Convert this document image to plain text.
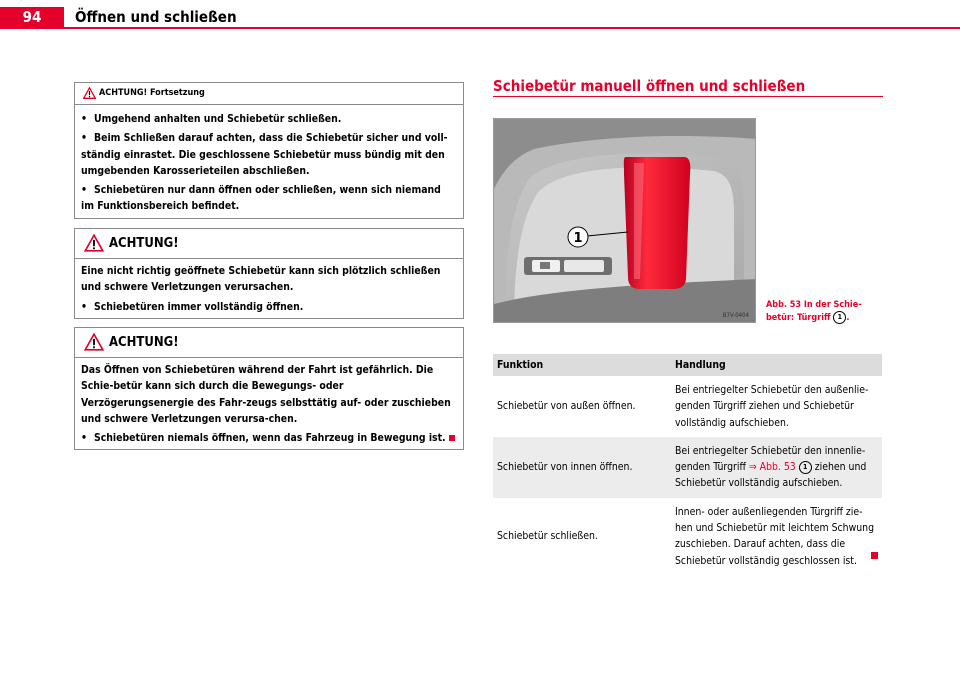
94	Öffnen und schließen
ACHTUNG! Fortsetzung
• Umgehend anhalten und Schiebetür schließen.
• Beim Schließen darauf achten, dass die Schiebetür sicher und voll-ständig einrastet. Die geschlossene Schiebetür muss bündig mit den umgebenden Karosserieteilen abschließen.
• Schiebetüren nur dann öffnen oder schließen, wenn sich niemand im Funktionsbereich befindet.
ACHTUNG!

Eine nicht richtig geöffnete Schiebetür kann sich plötzlich schließen und schwere Verletzungen verursachen.

• Schiebetüren immer vollständig öffnen.
ACHTUNG!

Das Öffnen von Schiebetüren während der Fahrt ist gefährlich. Die Schie-betür kann sich durch die Bewegungs- oder Verzögerungsenergie des Fahr-zeugs selbsttätig auf- oder zuschieben und schwere Verletzungen verursa-chen.

• Schiebetüren niemals öffnen, wenn das Fahrzeug in Bewegung ist.
Schiebetür manuell öffnen und schließen
1
B7V-0404
Abb. 53 In der Schie-
betür: Türgriff 1 .
Funktion	Handlung
Schiebetür von außen öffnen.	Bei entriegelter Schiebetür den außenlie-genden Türgriff ziehen und Schiebetür vollständig aufschieben.
Schiebetür von innen öffnen.	Bei entriegelter Schiebetür den innenlie-genden Türgriff ⇒ Abb. 53 1 ziehen und Schiebetür vollständig aufschieben.
Schiebetür schließen.	Innen- oder außenliegenden Türgriff zie-hen und Schiebetür mit leichtem Schwung zuschieben. Darauf achten, dass die Schiebetür vollständig geschlossen ist.
